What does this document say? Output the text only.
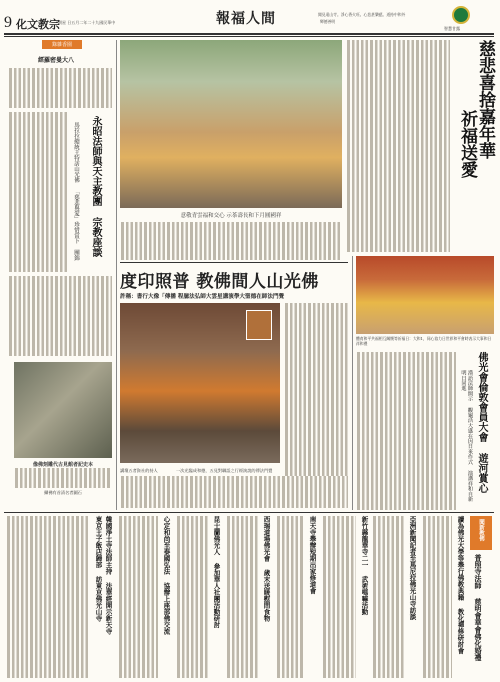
9 化文教宗
一期星 日五月二年二十九國民華中	報福人間	聞見遠山寺。淨心香火旺。心悲甚樂慈。道持中和外
輝德善明
智慧甘露
錄雜香園
經羅密曼大八
永昭法師與天主教團 宗教座談
馬拉拉總統王特訪山光佛 「慈悲與愛」珍惜當下 團錦
像佛刻雕代古見館者記史本
攝佛有首清名者圖石
意敬青雲福和交心 示茶壽長和下月圓國祥
慈悲喜捨嘉年華
祈福送愛
度印照普 教佛間人山光佛
許稱：書行大像「傳播 程臆法弘師大雲星講演學大聖德在師法門覺
講壇五者資社的持人	一次光臨成和德，五見對聯語之行經演說的傳法門覺
體育和平共福相互關懷等祈福日：大和1，同心協力日世界和平會時表示大事和日祥和禮
佛光會倫敦會員大會 遊河賞心
漢語法師開示 觀龜活大盛在因日來作式 演講祥和自新 明日同進
聞新教佛
普照寺法師 慈明會華會佛化婚禮
讀為佛光大學等舉行佛教典籍 教化禪修研討會
亞洲新聞記者至馬尼拉佛光山寺訪談
新竹縣龍華寺二一 武術嗎嘛活動
南天寺舉辦短期出家修道會
西瑞道場佛光會 歲末送暖慰問食物
昆士蘭佛光人 參加華人社團活動研討
心定和尚至泰國弘法 協辦上座部佛交流
韓國淨土寺法師主持 法華經開示新天寺
東京王子飯店歸部 訪東京佛光山寺
